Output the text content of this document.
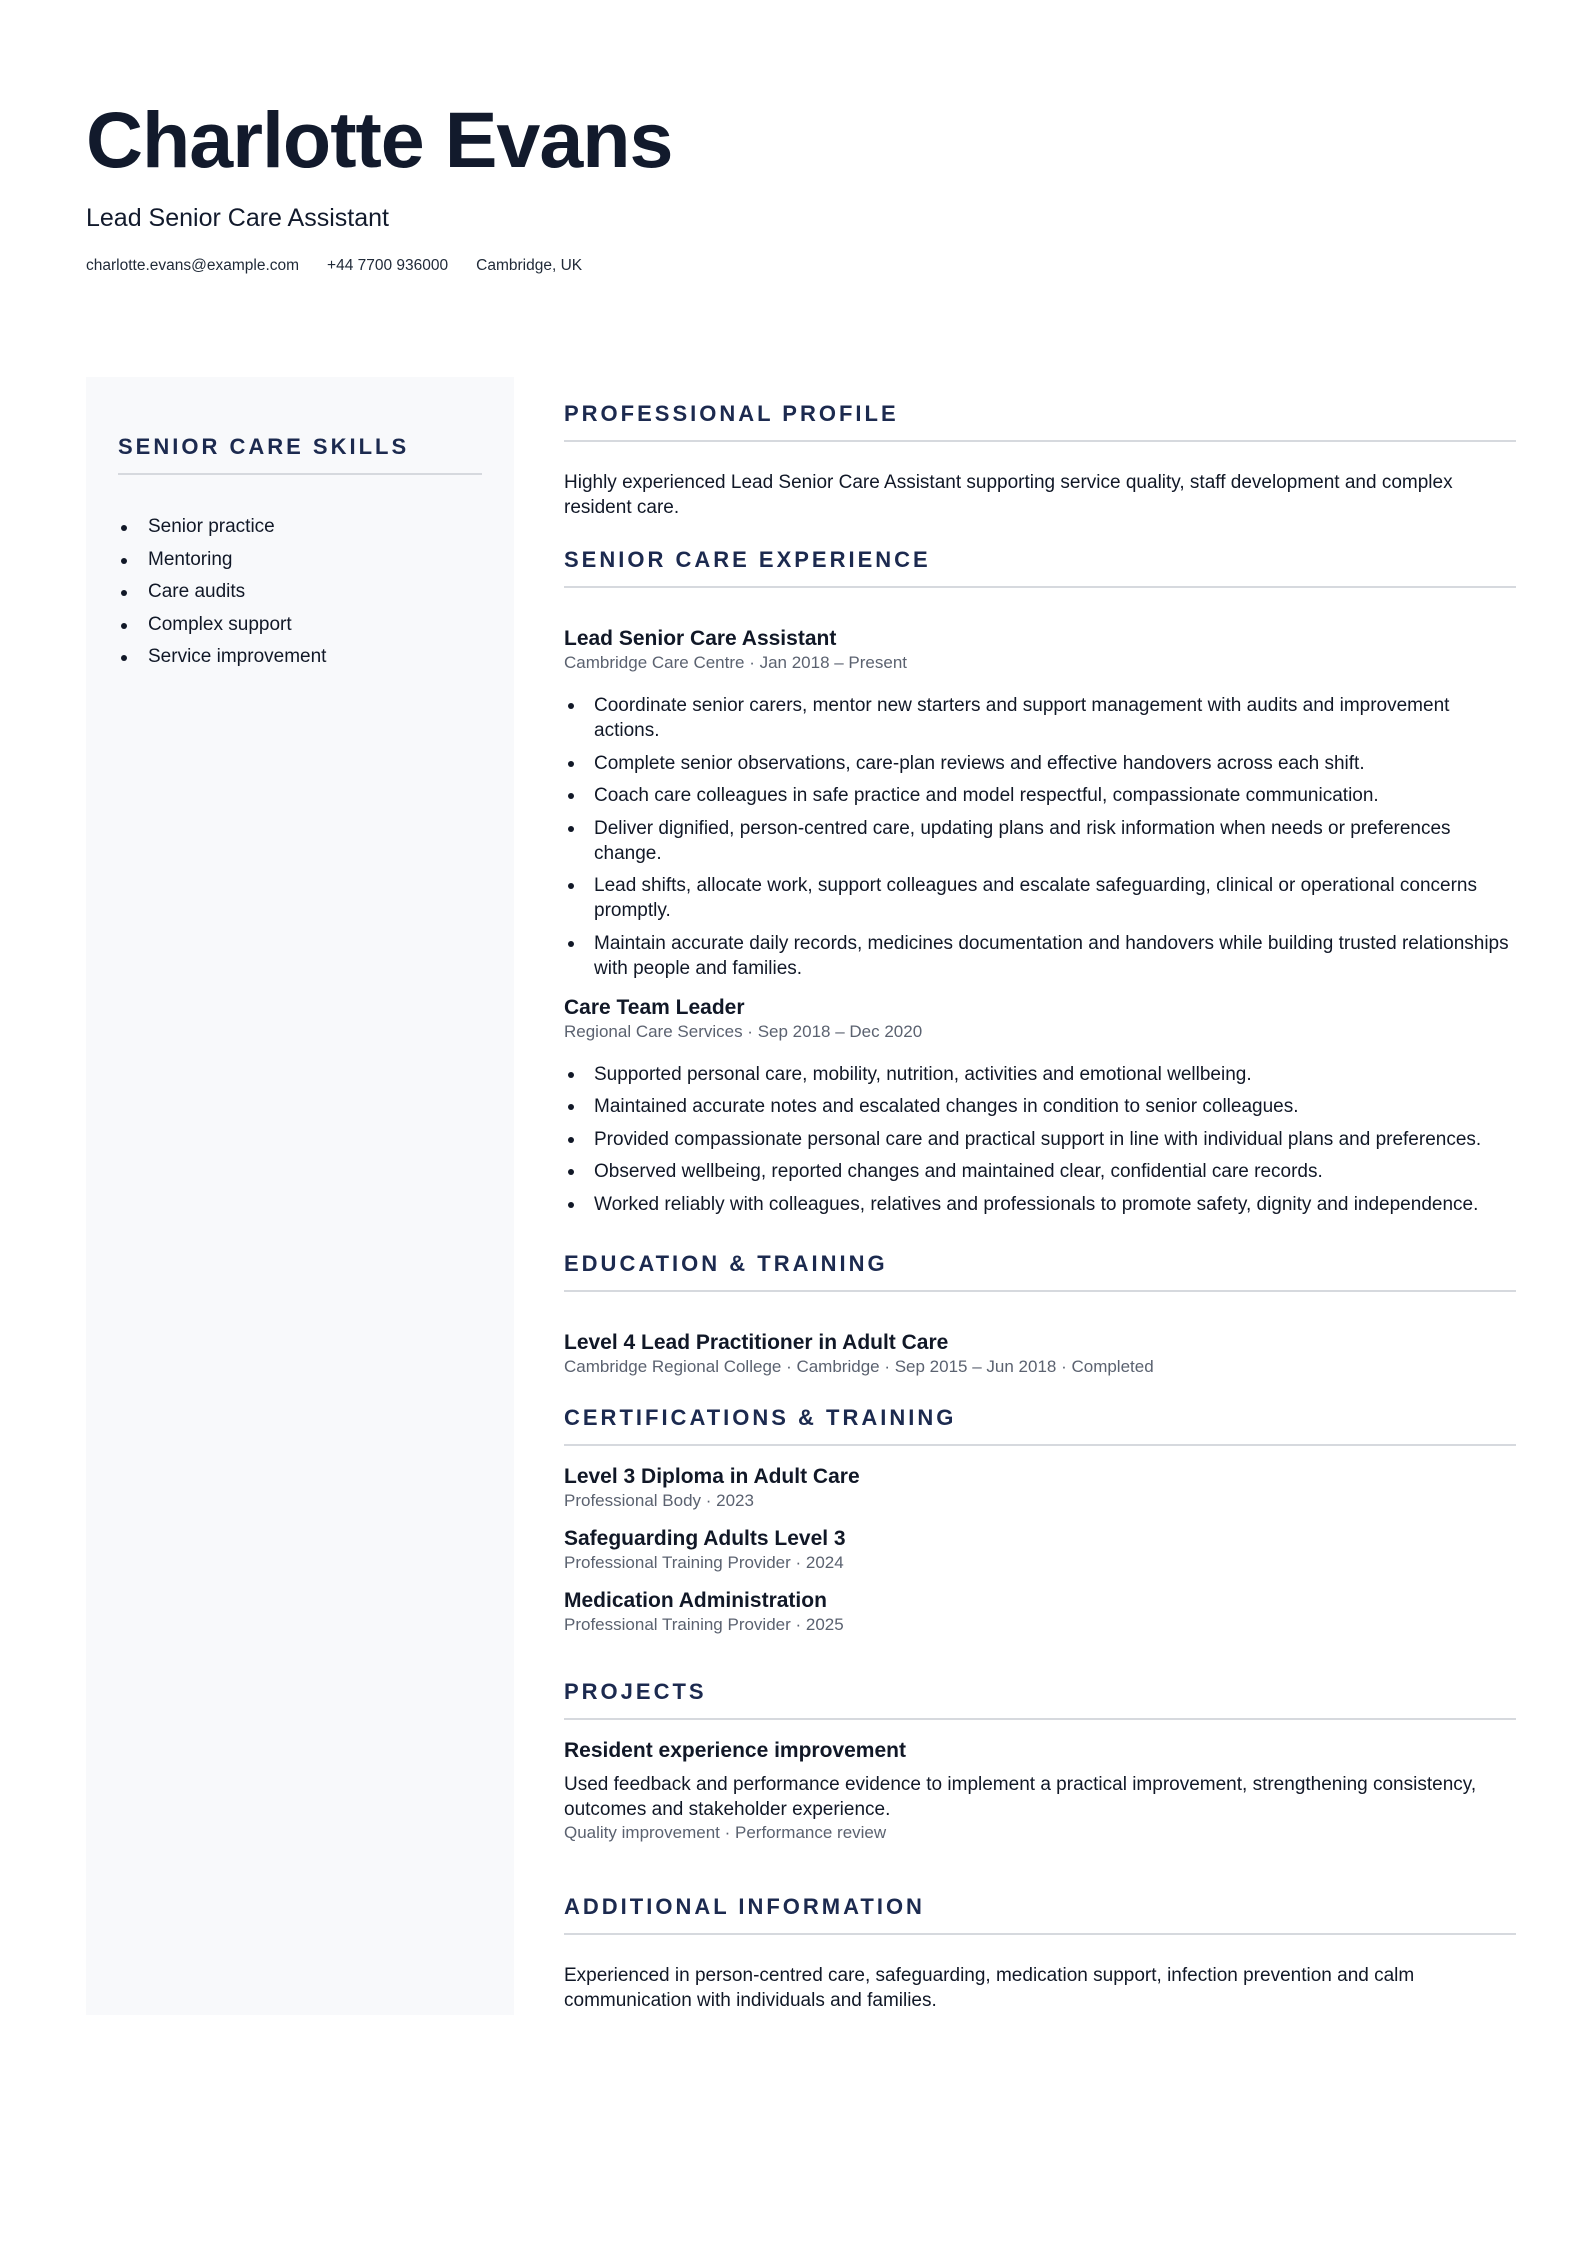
Charlotte Evans
Lead Senior Care Assistant
charlotte.evans@example.com +44 7700 936000 Cambridge, UK
SENIOR CARE SKILLS
Senior practice
Mentoring
Care audits
Complex support
Service improvement
PROFESSIONAL PROFILE
Highly experienced Lead Senior Care Assistant supporting service quality, staff development and complex resident care.
SENIOR CARE EXPERIENCE
Lead Senior Care Assistant
Cambridge Care Centre · Jan 2018 – Present
Coordinate senior carers, mentor new starters and support management with audits and improvement actions.
Complete senior observations, care-plan reviews and effective handovers across each shift.
Coach care colleagues in safe practice and model respectful, compassionate communication.
Deliver dignified, person-centred care, updating plans and risk information when needs or preferences change.
Lead shifts, allocate work, support colleagues and escalate safeguarding, clinical or operational concerns promptly.
Maintain accurate daily records, medicines documentation and handovers while building trusted relationships with people and families.
Care Team Leader
Regional Care Services · Sep 2018 – Dec 2020
Supported personal care, mobility, nutrition, activities and emotional wellbeing.
Maintained accurate notes and escalated changes in condition to senior colleagues.
Provided compassionate personal care and practical support in line with individual plans and preferences.
Observed wellbeing, reported changes and maintained clear, confidential care records.
Worked reliably with colleagues, relatives and professionals to promote safety, dignity and independence.
EDUCATION & TRAINING
Level 4 Lead Practitioner in Adult Care
Cambridge Regional College · Cambridge · Sep 2015 – Jun 2018 · Completed
CERTIFICATIONS & TRAINING
Level 3 Diploma in Adult Care
Professional Body · 2023
Safeguarding Adults Level 3
Professional Training Provider · 2024
Medication Administration
Professional Training Provider · 2025
PROJECTS
Resident experience improvement
Used feedback and performance evidence to implement a practical improvement, strengthening consistency, outcomes and stakeholder experience.
Quality improvement · Performance review
ADDITIONAL INFORMATION
Experienced in person-centred care, safeguarding, medication support, infection prevention and calm communication with individuals and families.
